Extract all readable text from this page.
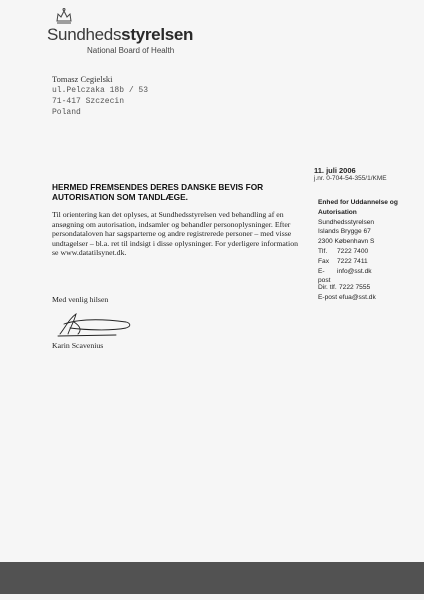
Sundhedsstyrelsen
National Board of Health
Tomasz Cegielski
ul.Pelczaka 18b / 53
71-417 Szczecin
Poland
11. juli 2006
j.nr. 0-704-54-355/1/KME
HERMED FREMSENDES DERES DANSKE BEVIS FOR AUTORISATION SOM TANDLÆGE.
Til orientering kan det oplyses, at Sundhedsstyrelsen ved behandling af en ansøgning om autorisation, indsamler og behandler personoplysninger. Efter persondataloven har sagsparterne og andre registrerede personer – med visse undtagelser – bl.a. ret til indsigt i disse oplysninger. For yderligere information se www.datatilsynet.dk.
Enhed for Uddannelse og Autorisation
Sundhedsstyrelsen
Islands Brygge 67
2300 København S
Tlf.	7222 7400
Fax	7222 7411
E-post
info@sst.dk
Dir. tlf. 7222 7555
E-post efua@sst.dk
Med venlig hilsen
Karin Scavenius
